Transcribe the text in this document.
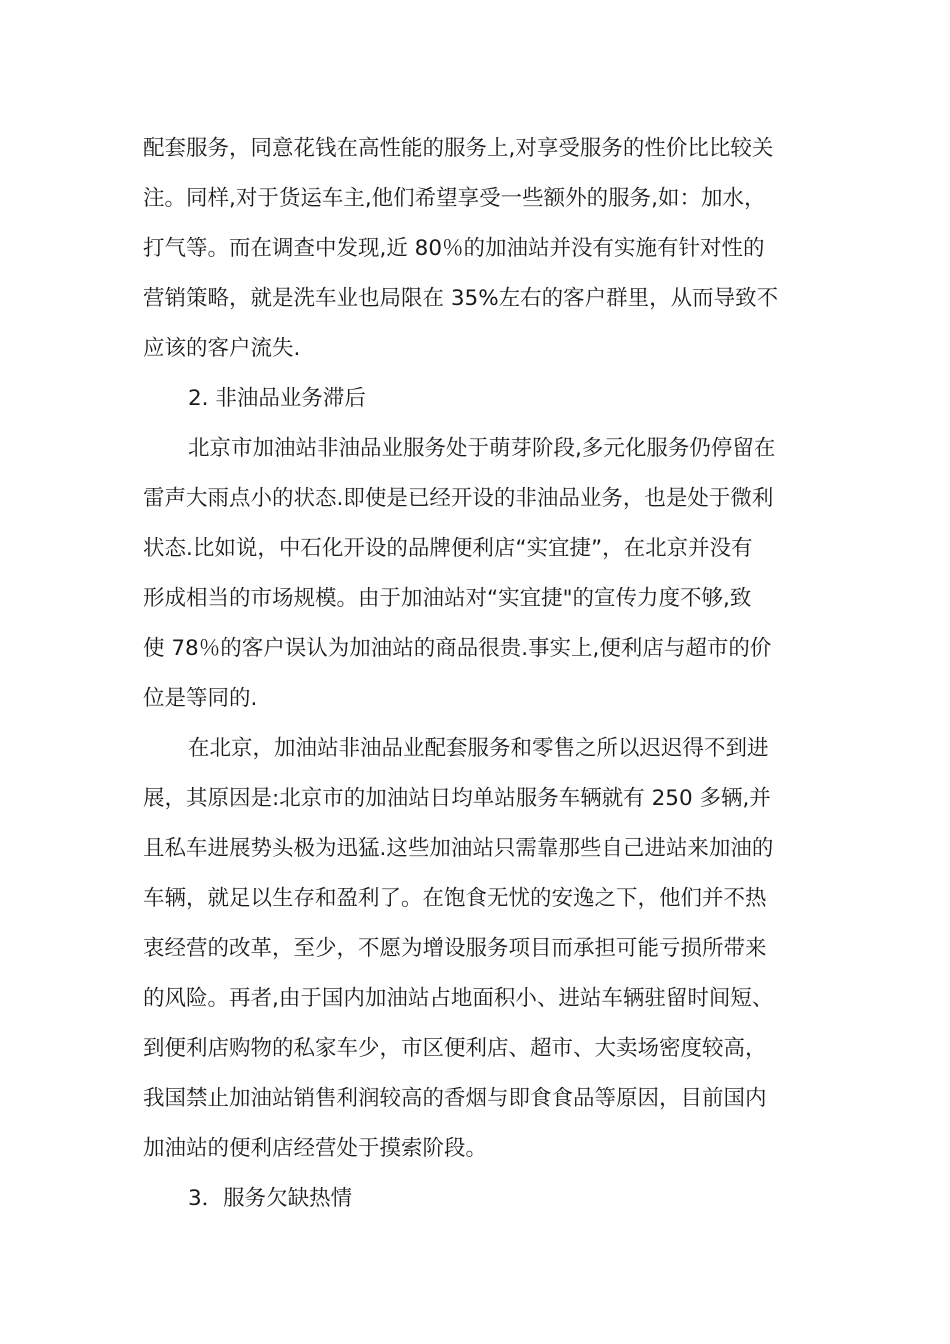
配套服务，同意花钱在高性能的服务上,对享受服务的性价比比较关
注。同样,对于货运车主,他们希望享受一些额外的服务,如：加水，
打气等。而在调查中发现,近 80％的加油站并没有实施有针对性的
营销策略，就是洗车业也局限在 35%左右的客户群里，从而导致不
应该的客户流失.
2. 非油品业务滞后
北京市加油站非油品业服务处于萌芽阶段,多元化服务仍停留在
雷声大雨点小的状态.即使是已经开设的非油品业务，也是处于微利
状态.比如说，中石化开设的品牌便利店“实宜捷”，在北京并没有
形成相当的市场规模。由于加油站对“实宜捷"的宣传力度不够,致
使 78％的客户误认为加油站的商品很贵.事实上,便利店与超市的价
位是等同的.
在北京，加油站非油品业配套服务和零售之所以迟迟得不到进
展，其原因是:北京市的加油站日均单站服务车辆就有 250 多辆,并
且私车进展势头极为迅猛.这些加油站只需靠那些自己进站来加油的
车辆，就足以生存和盈利了。在饱食无忧的安逸之下，他们并不热
衷经营的改革，至少，不愿为增设服务项目而承担可能亏损所带来
的风险。再者,由于国内加油站占地面积小、进站车辆驻留时间短、
到便利店购物的私家车少，市区便利店、超市、大卖场密度较高，
我国禁止加油站销售利润较高的香烟与即食食品等原因，目前国内
加油站的便利店经营处于摸索阶段。
3．服务欠缺热情
